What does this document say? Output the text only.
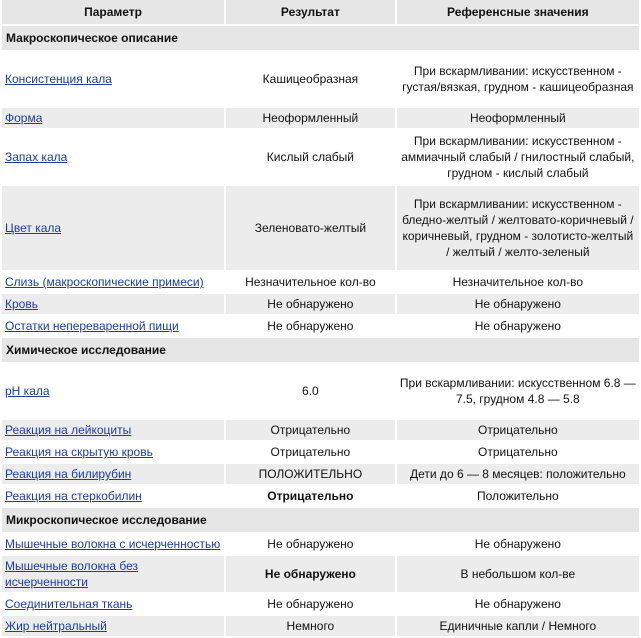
Параметр	Результат	Референсные значения
Макроскопическое описание		
Консистенция кала	Кашицеобразная	При вскармливании: искусственном - густая/вязкая, грудном - кашицеобразная
Форма	Неоформленный	Неоформленный
Запах кала	Кислый слабый	При вскармливании: искусственном - аммиачный слабый / гнилостный слабый, грудном - кислый слабый
Цвет кала	Зеленовато-желтый	При вскармливании: искусственном - бледно-желтый / желтовато-коричневый / коричневый, грудном - золотисто-желтый / желтый / желто-зеленый
Слизь (макроскопические примеси)	Незначительное кол-во	Незначительное кол-во
Кровь	Не обнаружено	Не обнаружено
Остатки непереваренной пищи	Не обнаружено	Не обнаружено
Химическое исследование		
pH кала	6.0	При вскармливании: искусственном 6.8 — 7.5, грудном 4.8 — 5.8
Реакция на лейкоциты	Отрицательно	Отрицательно
Реакция на скрытую кровь	Отрицательно	Отрицательно
Реакция на билирубин	ПОЛОЖИТЕЛЬНО	Дети до 6 — 8 месяцев: положительно
Реакция на стеркобилин	Отрицательно	Положительно
Микроскопическое исследование		
Мышечные волокна с исчерченностью	Не обнаружено	Не обнаружено
Мышечные волокна без исчерченности	Не обнаружено	В небольшом кол-ве
Соединительная ткань	Не обнаружено	Не обнаружено
Жир нейтральный	Немного	Единичные капли / Немного
